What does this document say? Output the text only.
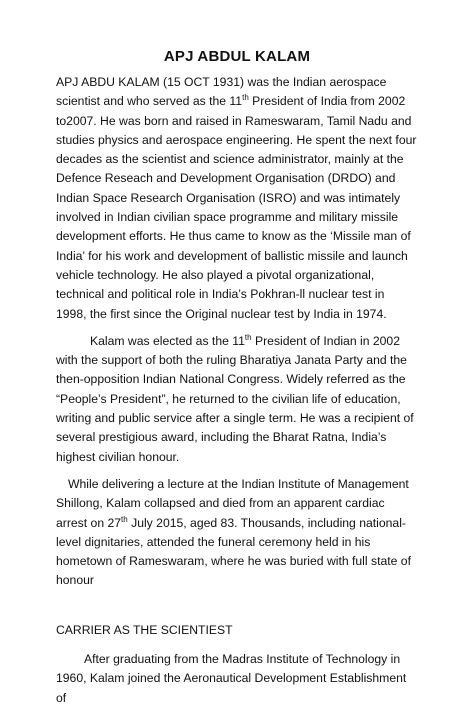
APJ ABDUL KALAM

APJ ABDU KALAM (15 OCT 1931) was the Indian aerospace scientist and who served as the 11th President of India from 2002 to2007. He was born and raised in Rameswaram, Tamil Nadu and studies physics and aerospace engineering. He spent the next four decades as the scientist and science administrator, mainly at the Defence Reseach and Development Organisation (DRDO) and Indian Space Research Organisation (ISRO) and was intimately involved in Indian civilian space programme and military missile development efforts. He thus came to know as the ‘Missile man of India’ for his work and development of ballistic missile and launch vehicle technology. He also played a pivotal organizational, technical and political role in India’s Pokhran-ll nuclear test in 1998, the first since the Original nuclear test by India in 1974.

Kalam was elected as the 11th President of Indian in 2002 with the support of both the ruling Bharatiya Janata Party and the then-opposition Indian National Congress. Widely referred as the “People’s President”, he returned to the civilian life of education, writing and public service after a single term. He was a recipient of several prestigious award, including the Bharat Ratna, India’s highest civilian honour.

While delivering a lecture at the Indian Institute of Management Shillong, Kalam collapsed and died from an apparent cardiac arrest on 27th July 2015, aged 83. Thousands, including national-level dignitaries, attended the funeral ceremony held in his hometown of Rameswaram, where he was buried with full state of honour

CARRIER AS THE SCIENTIEST

After graduating from the Madras Institute of Technology in 1960, Kalam joined the Aeronautical Development Establishment of
